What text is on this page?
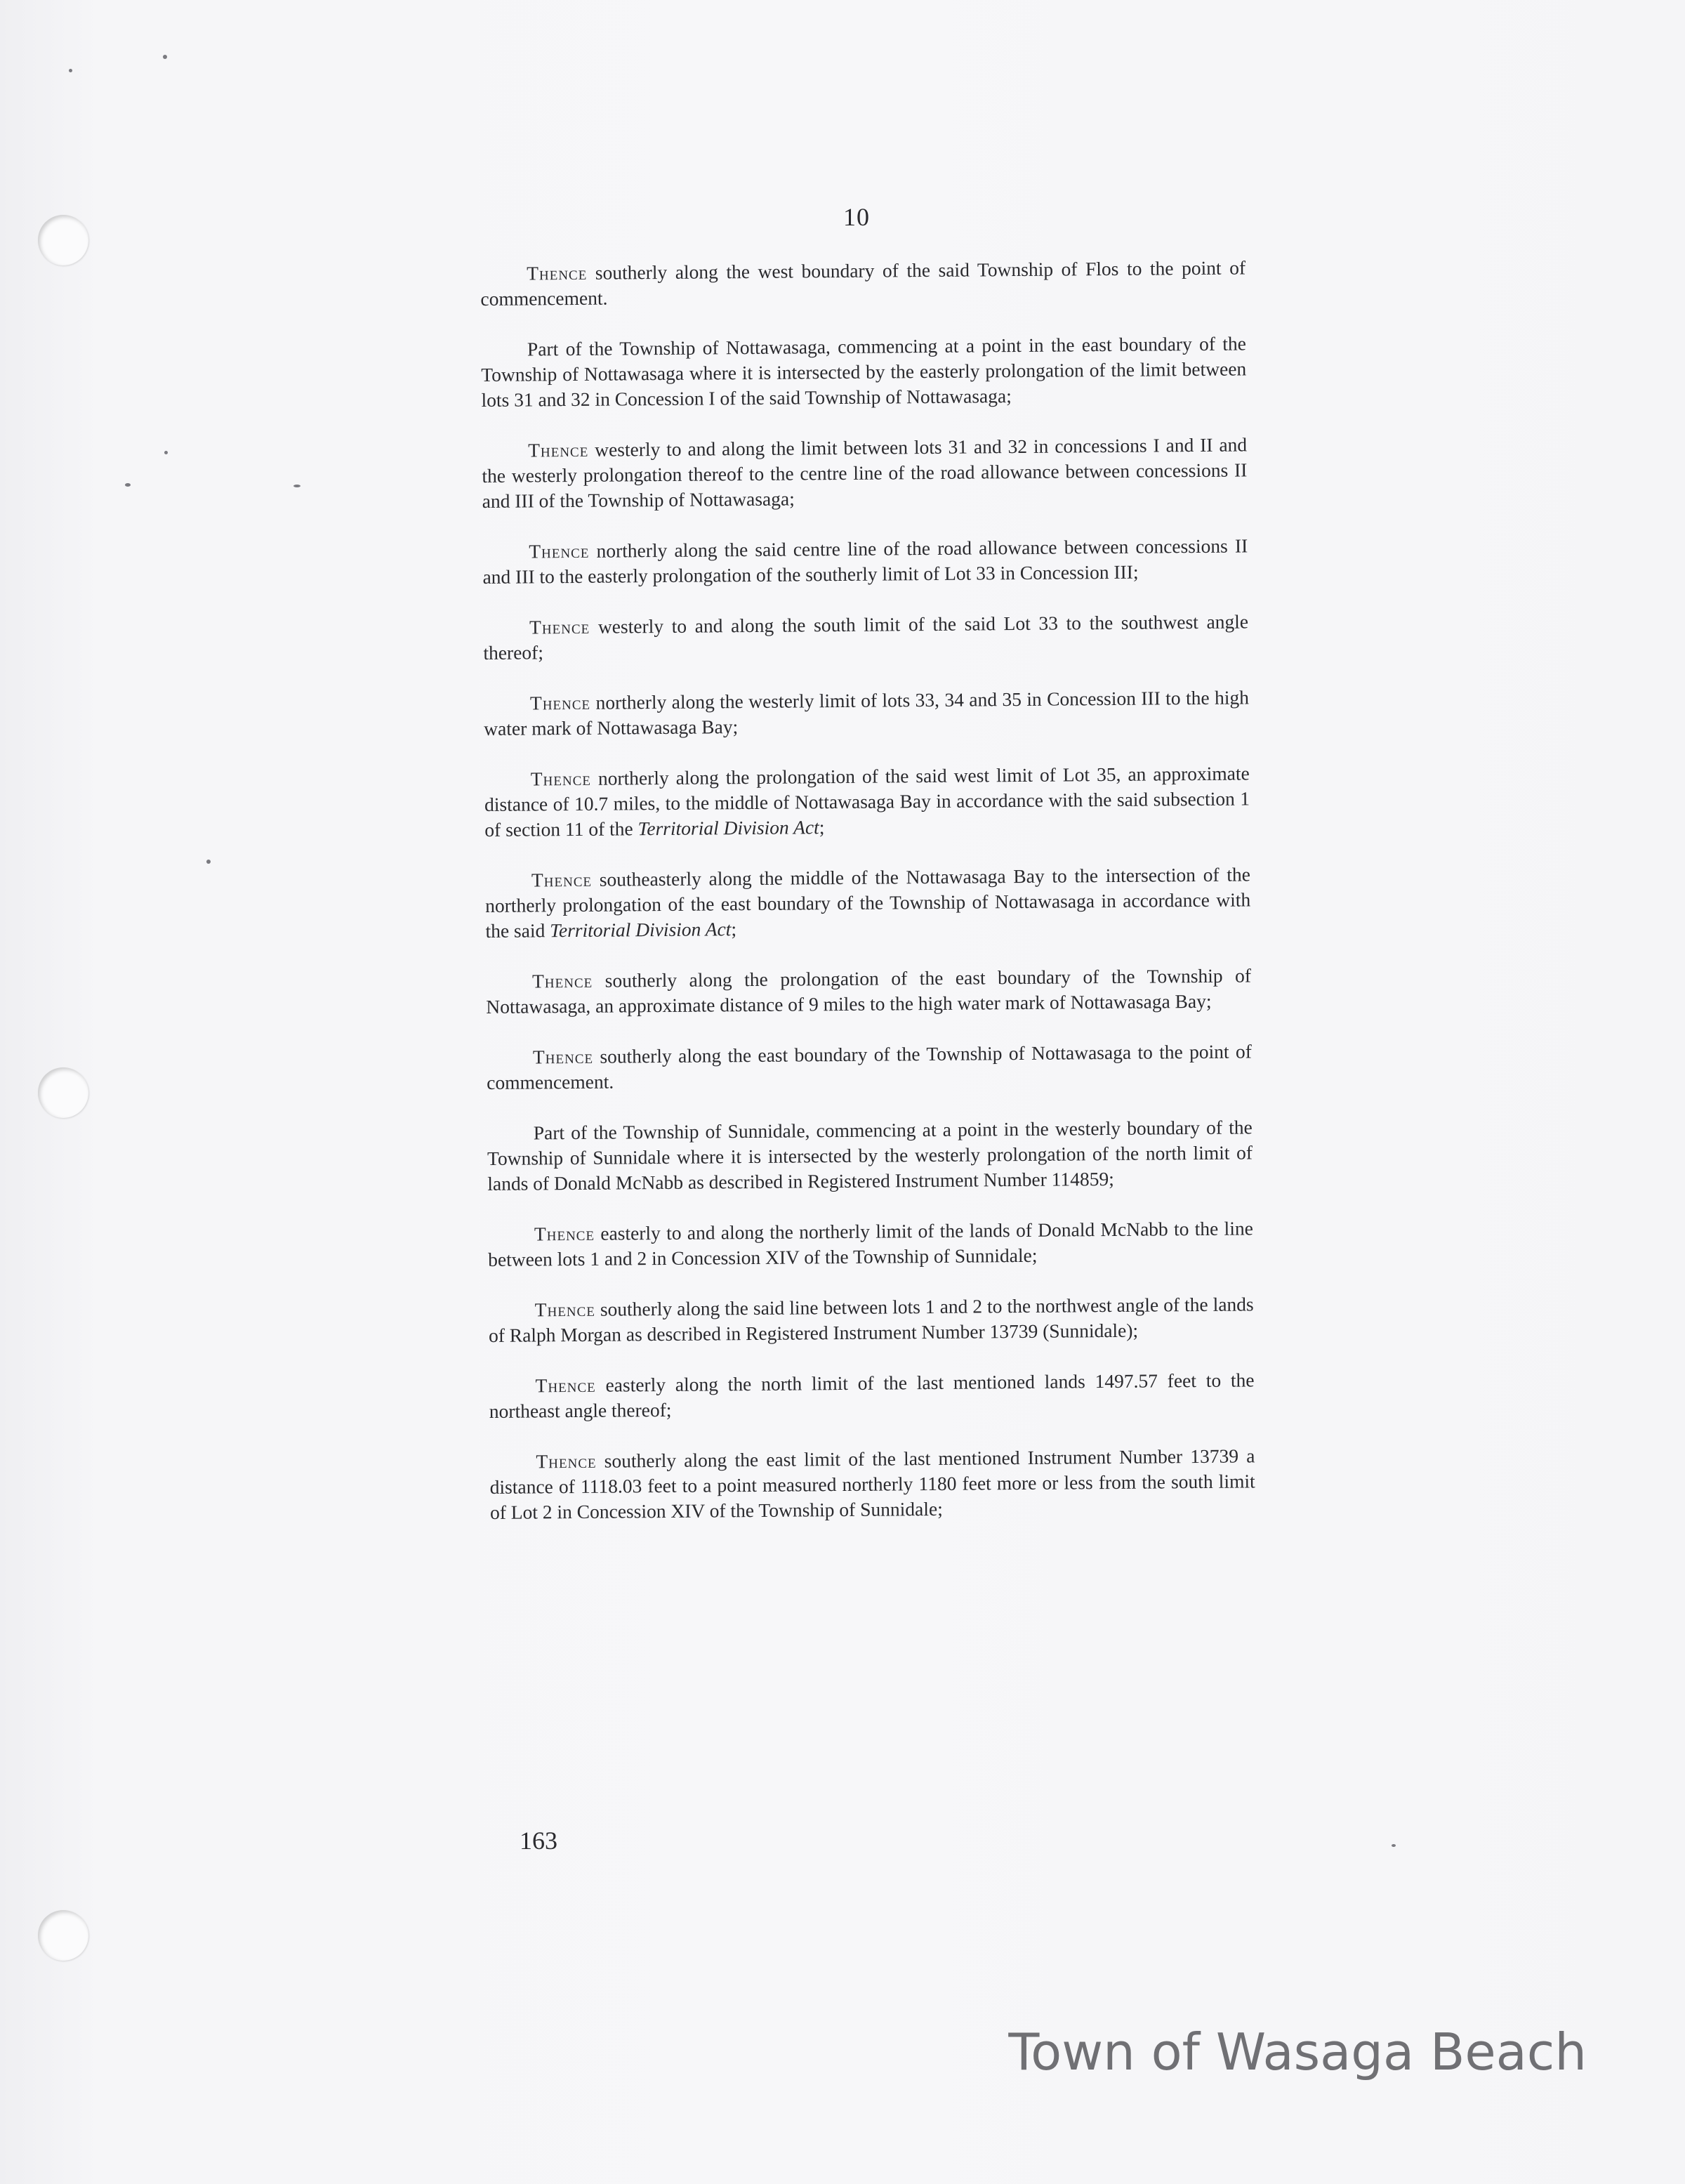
10

Thence southerly along the west boundary of the said Township of Flos to the point of commencement.

Part of the Township of Nottawasaga, commencing at a point in the east boundary of the Township of Nottawasaga where it is intersected by the easterly prolongation of the limit between lots 31 and 32 in Concession I of the said Township of Nottawasaga;

Thence westerly to and along the limit between lots 31 and 32 in concessions I and II and the westerly prolongation thereof to the centre line of the road allowance between concessions II and III of the Township of Nottawasaga;

Thence northerly along the said centre line of the road allowance between concessions II and III to the easterly prolongation of the southerly limit of Lot 33 in Concession III;

Thence westerly to and along the south limit of the said Lot 33 to the southwest angle thereof;

Thence northerly along the westerly limit of lots 33, 34 and 35 in Concession III to the high water mark of Nottawasaga Bay;

Thence northerly along the prolongation of the said west limit of Lot 35, an approximate distance of 10.7 miles, to the middle of Nottawasaga Bay in accordance with the said subsection 1 of section 11 of the Territorial Division Act;

Thence southeasterly along the middle of the Nottawasaga Bay to the intersection of the northerly prolongation of the east boundary of the Township of Nottawasaga in accordance with the said Territorial Division Act;

Thence southerly along the prolongation of the east boundary of the Township of Nottawasaga, an approximate distance of 9 miles to the high water mark of Nottawasaga Bay;

Thence southerly along the east boundary of the Township of Nottawasaga to the point of commencement.

Part of the Township of Sunnidale, commencing at a point in the westerly boundary of the Township of Sunnidale where it is intersected by the westerly prolongation of the north limit of lands of Donald McNabb as described in Registered Instrument Number 114859;

Thence easterly to and along the northerly limit of the lands of Donald McNabb to the line between lots 1 and 2 in Concession XIV of the Township of Sunnidale;

Thence southerly along the said line between lots 1 and 2 to the northwest angle of the lands of Ralph Morgan as described in Registered Instrument Number 13739 (Sunnidale);

Thence easterly along the north limit of the last mentioned lands 1497.57 feet to the northeast angle thereof;

Thence southerly along the east limit of the last mentioned Instrument Number 13739 a distance of 1118.03 feet to a point measured northerly 1180 feet more or less from the south limit of Lot 2 in Concession XIV of the Township of Sunnidale;

163
Town of Wasaga Beach
